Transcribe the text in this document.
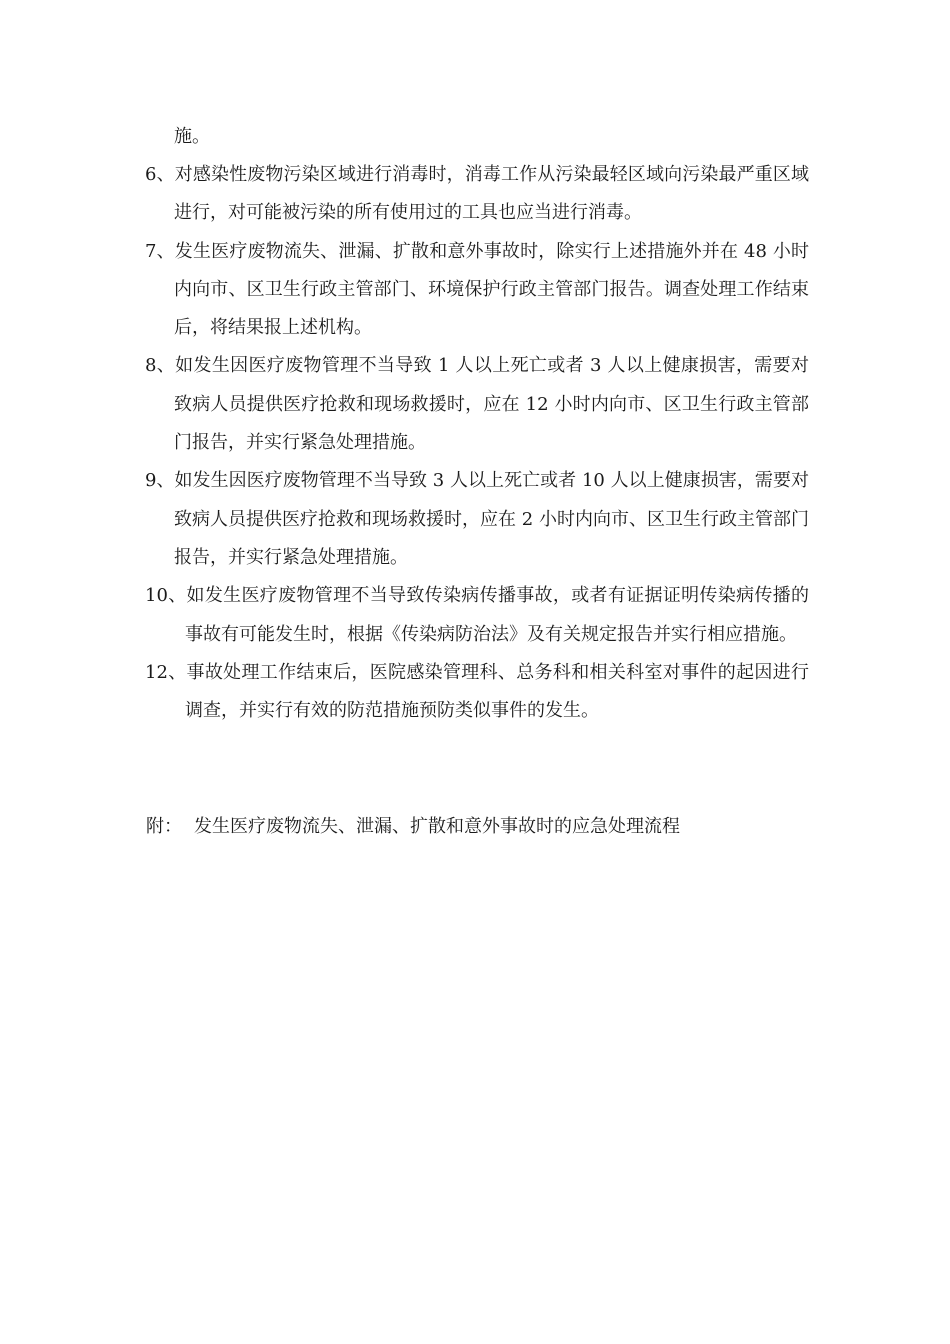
施。

6、对感染性废物污染区域进行消毒时，消毒工作从污染最轻区域向污染最严重区域进行，对可能被污染的所有使用过的工具也应当进行消毒。

7、发生医疗废物流失、泄漏、扩散和意外事故时，除实行上述措施外并在 48 小时内向市、区卫生行政主管部门、环境保护行政主管部门报告。调查处理工作结束后，将结果报上述机构。

8、如发生因医疗废物管理不当导致 1 人以上死亡或者 3 人以上健康损害，需要对致病人员提供医疗抢救和现场救援时，应在 12 小时内向市、区卫生行政主管部门报告，并实行紧急处理措施。

9、如发生因医疗废物管理不当导致 3 人以上死亡或者 10 人以上健康损害，需要对致病人员提供医疗抢救和现场救援时，应在 2 小时内向市、区卫生行政主管部门报告，并实行紧急处理措施。

10、如发生医疗废物管理不当导致传染病传播事故，或者有证据证明传染病传播的事故有可能发生时，根据《传染病防治法》及有关规定报告并实行相应措施。

12、事故处理工作结束后，医院感染管理科、总务科和相关科室对事件的起因进行调查，并实行有效的防范措施预防类似事件的发生。

附： 发生医疗废物流失、泄漏、扩散和意外事故时的应急处理流程
